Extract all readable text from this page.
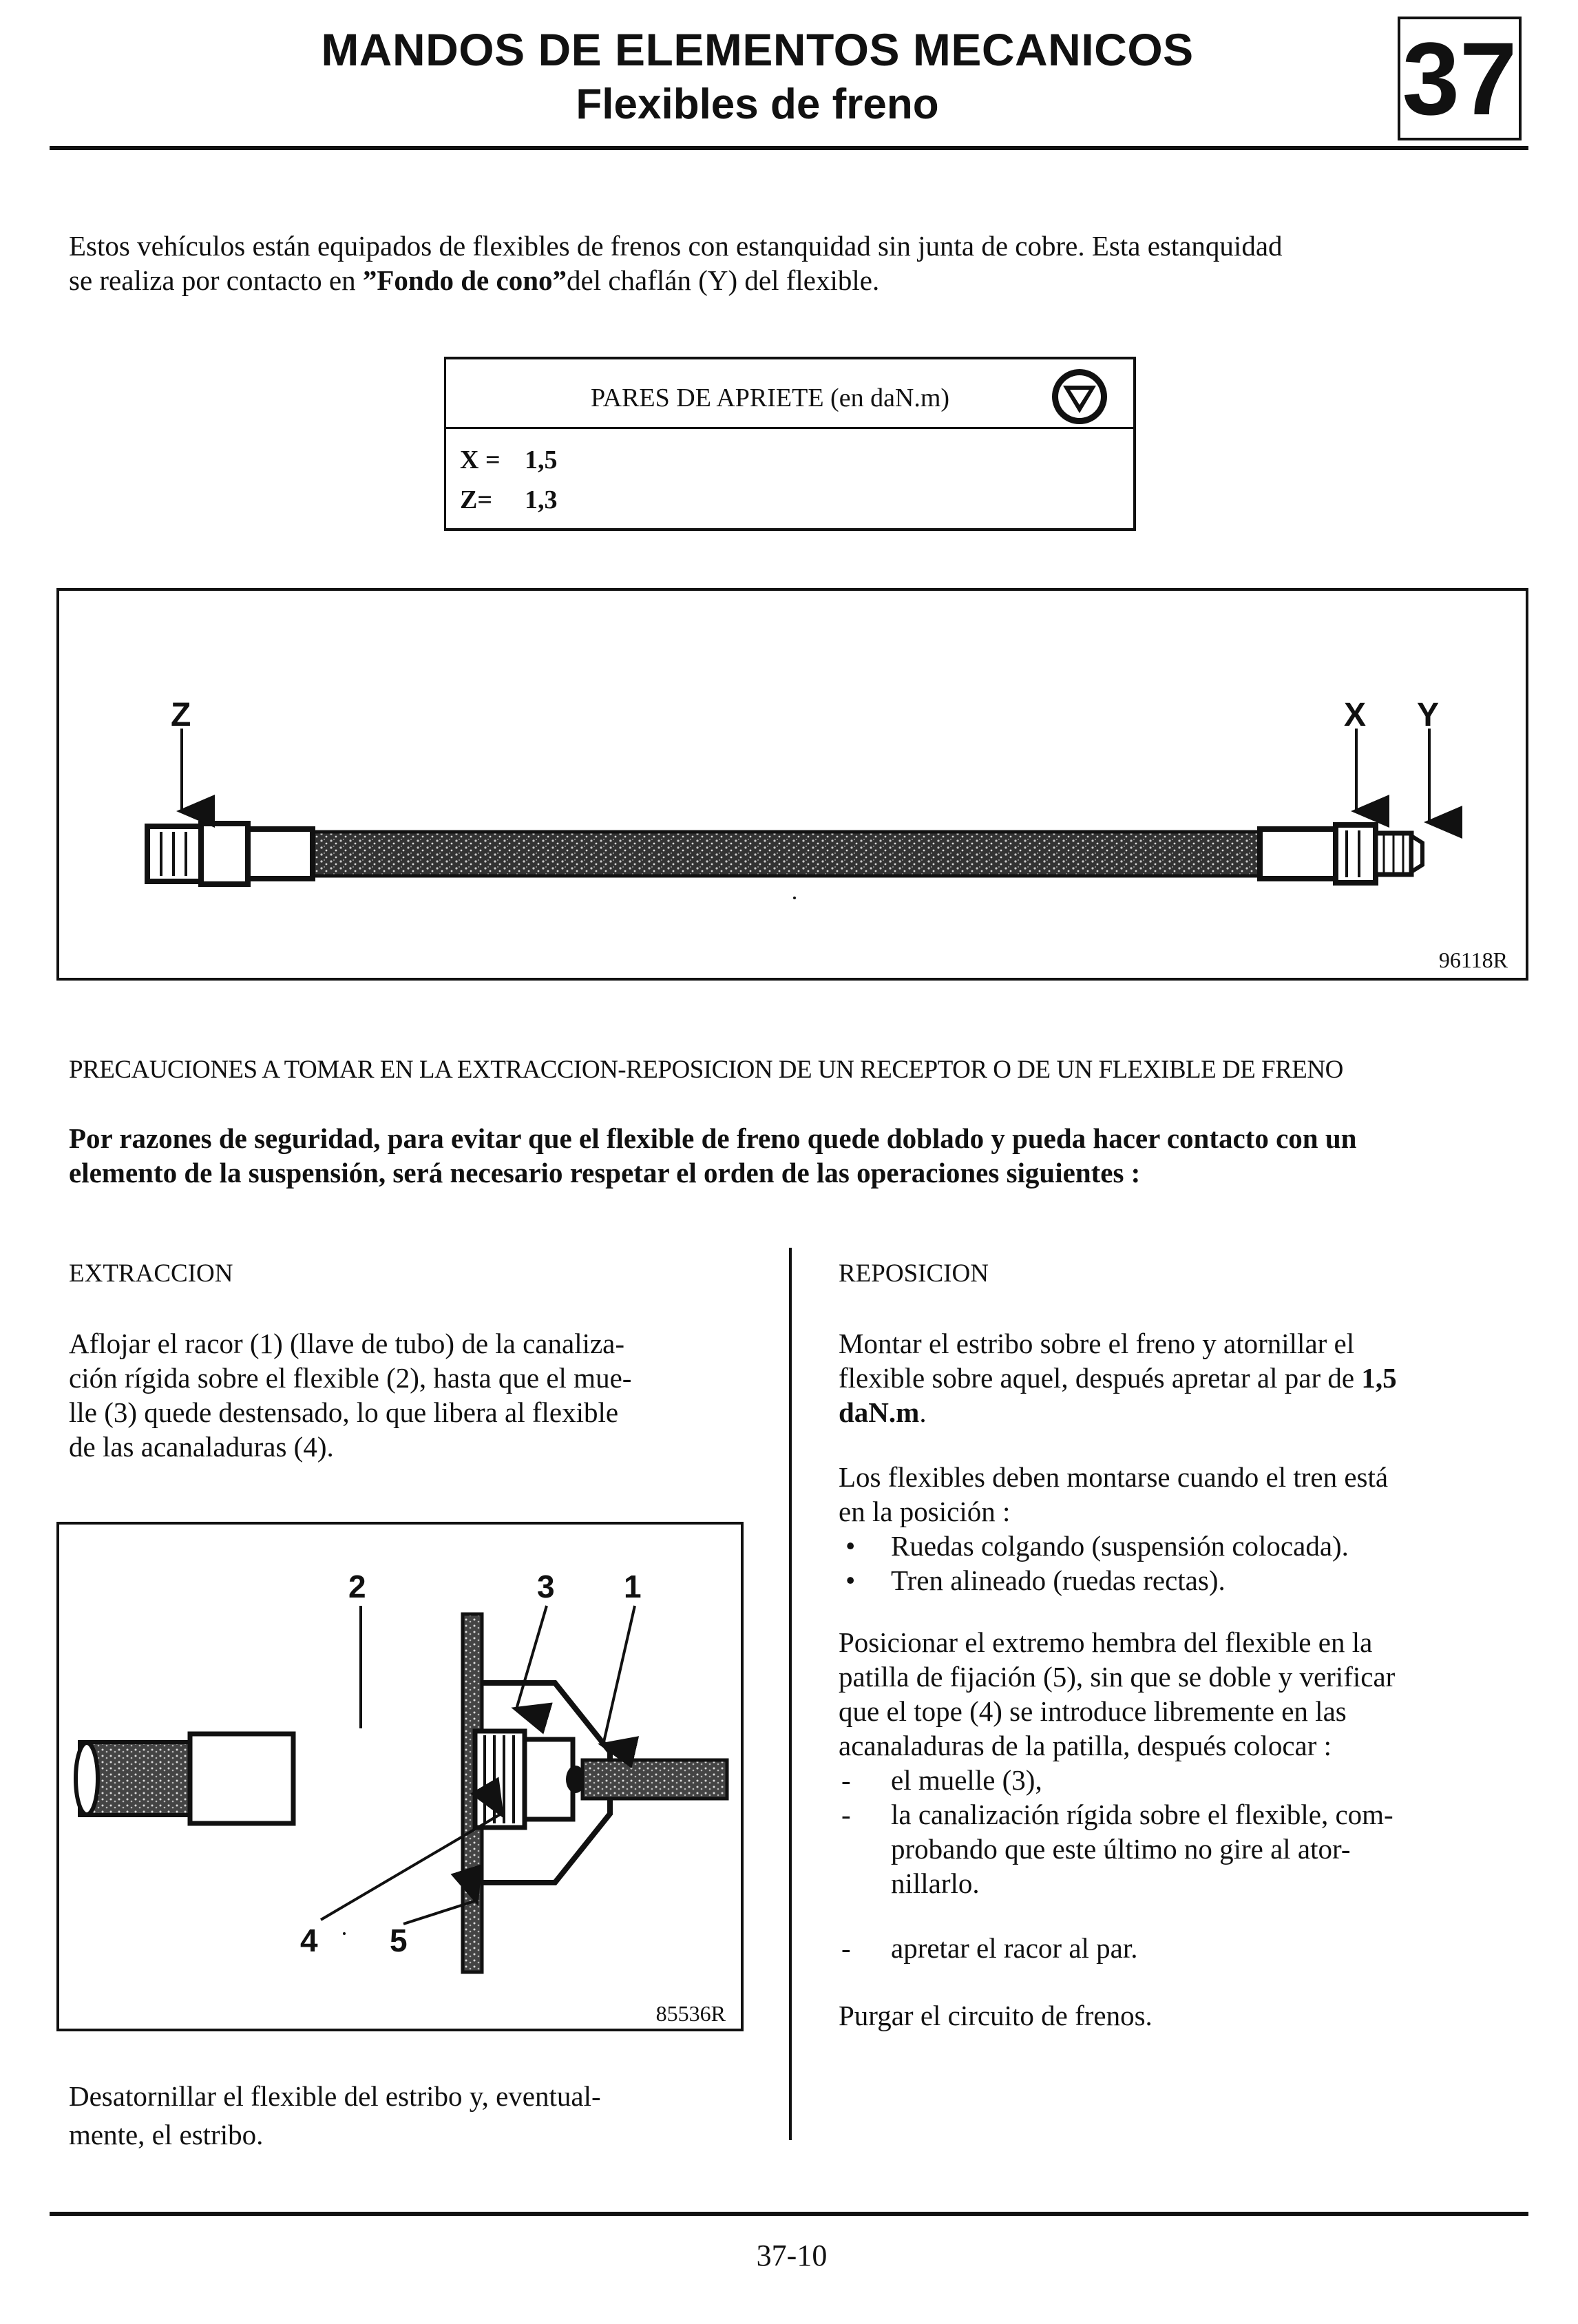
MANDOS DE ELEMENTOS MECANICOS
Flexibles de freno	37
Estos vehículos están equipados de flexibles de frenos con estanquidad sin junta de cobre. Esta estanquidad
se realiza por contacto en ”Fondo de cono”del chaflán (Y) del flexible.
PARES DE APRIETE (en daN.m)
X = 1,5
Z= 1,3
Z	X Y
96118R
PRECAUCIONES A TOMAR EN LA EXTRACCION-REPOSICION DE UN RECEPTOR O DE UN FLEXIBLE DE FRENO
Por razones de seguridad, para evitar que el flexible de freno quede doblado y pueda hacer contacto con un
elemento de la suspensión, será necesario respetar el orden de las operaciones siguientes :
EXTRACCION
Aflojar el racor (1) (llave de tubo) de la canaliza-
ción rígida sobre el flexible (2), hasta que el mue-
lle (3) quede destensado, lo que libera al flexible
de las acanaladuras (4).
2	3 1
4 5
85536R
Desatornillar el flexible del estribo y, eventual-
mente, el estribo.
REPOSICION
Montar el estribo sobre el freno y atornillar el
flexible sobre aquel, después apretar al par de 1,5
daN.m.
Los flexibles deben montarse cuando el tren está
en la posición :
• Ruedas colgando (suspensión colocada).
• Tren alineado (ruedas rectas).
Posicionar el extremo hembra del flexible en la
patilla de fijación (5), sin que se doble y verificar
que el tope (4) se introduce libremente en las
acanaladuras de la patilla, después colocar :
- el muelle (3),
- la canalización rígida sobre el flexible, com-
probando que este último no gire al ator-
nillarlo.
- apretar el racor al par.
Purgar el circuito de frenos.
37-10
